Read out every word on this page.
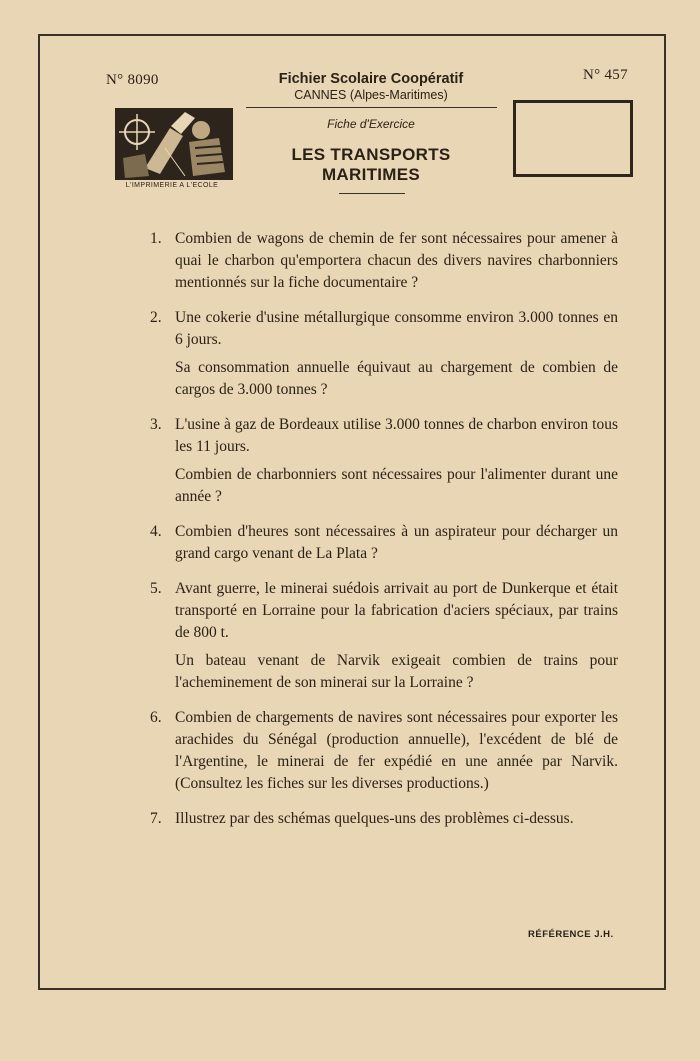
N° 8090	N° 457
Fichier Scolaire Coopératif
CANNES (Alpes-Maritimes)
Fiche d'Exercice
LES TRANSPORTS
MARITIMES
L'IMPRIMERIE A L'ECOLE
1. Combien de wagons de chemin de fer sont nécessaires pour amener à quai le charbon qu'emportera chacun des divers navires charbonniers mentionnés sur la fiche documentaire ?

2. Une cokerie d'usine métallurgique consomme environ 3.000 tonnes en 6 jours.

Sa consommation annuelle équivaut au chargement de combien de cargos de 3.000 tonnes ?

3. L'usine à gaz de Bordeaux utilise 3.000 tonnes de charbon environ tous les 11 jours.

Combien de charbonniers sont nécessaires pour l'alimenter durant une année ?

4. Combien d'heures sont nécessaires à un aspirateur pour décharger un grand cargo venant de La Plata ?

5. Avant guerre, le minerai suédois arrivait au port de Dunkerque et était transporté en Lorraine pour la fabrication d'aciers spéciaux, par trains de 800 t.

Un bateau venant de Narvik exigeait combien de trains pour l'acheminement de son minerai sur la Lorraine ?

6. Combien de chargements de navires sont nécessaires pour exporter les arachides du Sénégal (production annuelle), l'excédent de blé de l'Argentine, le minerai de fer expédié en une année par Narvik. (Consultez les fiches sur les diverses productions.)

7. Illustrez par des schémas quelques-uns des problèmes ci-dessus.

RÉFÉRENCE J.H.
